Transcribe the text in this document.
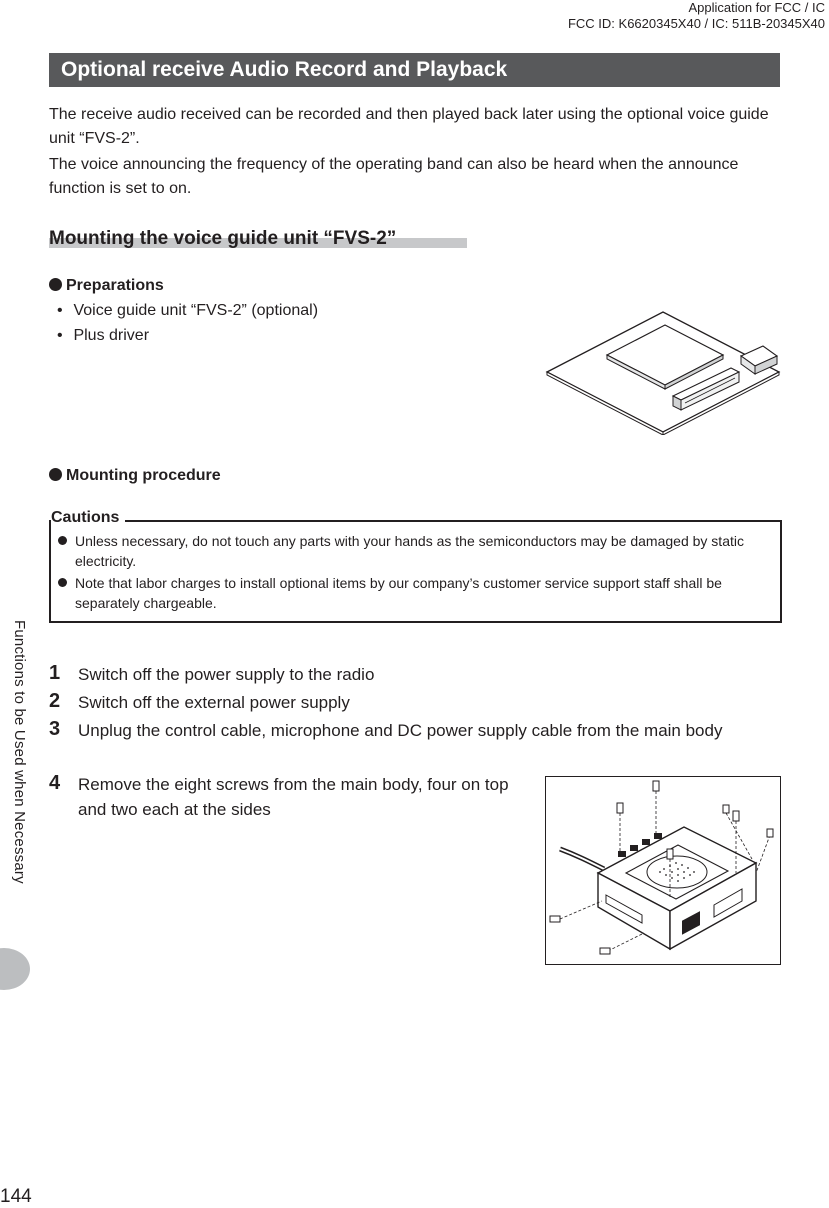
Application for FCC / IC
FCC ID: K6620345X40 / IC: 511B-20345X40
Functions to be Used when Necessary
Optional receive Audio Record and Playback
The receive audio received can be recorded and then played back later using the optional voice guide unit “FVS-2”.
The voice announcing the frequency of the operating band can also be heard when the announce function is set to on.
Mounting the voice guide unit “FVS-2”
Preparations
• Voice guide unit “FVS-2” (optional)
• Plus driver
Mounting procedure
Cautions
Unless necessary, do not touch any parts with your hands as the semiconductors may be damaged by static electricity.
Note that labor charges to install optional items by our company’s customer service support staff shall be separately chargeable.
1 Switch off the power supply to the radio
2 Switch off the external power supply
3 Unplug the control cable, microphone and DC power supply cable from the main body
4 Remove the eight screws from the main body, four on top and two each at the sides
144
